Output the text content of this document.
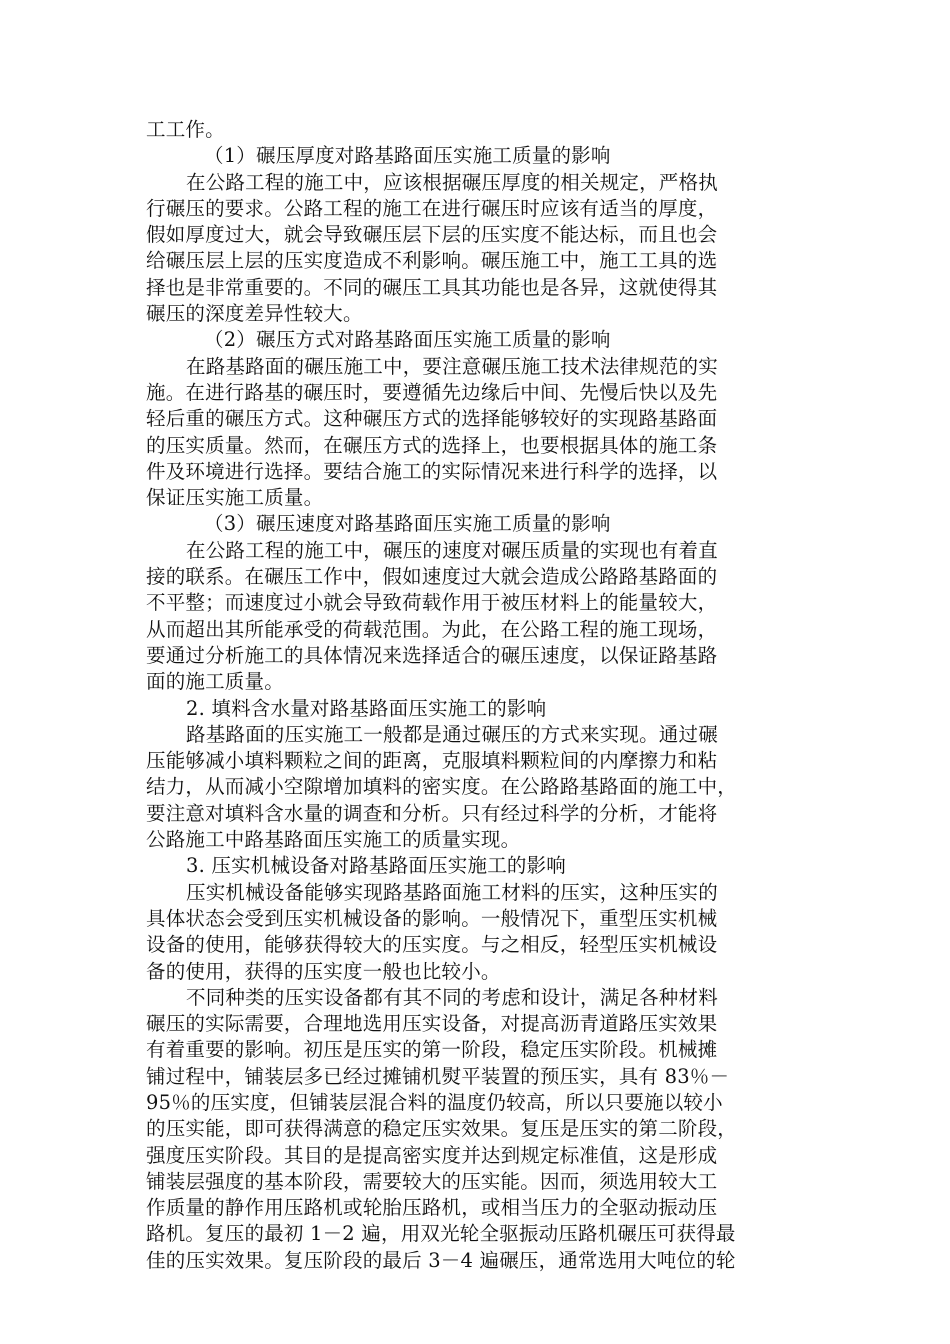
工工作。
（1）碾压厚度对路基路面压实施工质量的影响
在公路工程的施工中，应该根据碾压厚度的相关规定，严格执
行碾压的要求。公路工程的施工在进行碾压时应该有适当的厚度，
假如厚度过大，就会导致碾压层下层的压实度不能达标，而且也会
给碾压层上层的压实度造成不利影响。碾压施工中，施工工具的选
择也是非常重要的。不同的碾压工具其功能也是各异，这就使得其
碾压的深度差异性较大。
（2）碾压方式对路基路面压实施工质量的影响
在路基路面的碾压施工中，要注意碾压施工技术法律规范的实
施。在进行路基的碾压时，要遵循先边缘后中间、先慢后快以及先
轻后重的碾压方式。这种碾压方式的选择能够较好的实现路基路面
的压实质量。然而，在碾压方式的选择上，也要根据具体的施工条
件及环境进行选择。要结合施工的实际情况来进行科学的选择，以
保证压实施工质量。
（3）碾压速度对路基路面压实施工质量的影响
在公路工程的施工中，碾压的速度对碾压质量的实现也有着直
接的联系。在碾压工作中，假如速度过大就会造成公路路基路面的
不平整；而速度过小就会导致荷载作用于被压材料上的能量较大，
从而超出其所能承受的荷载范围。为此，在公路工程的施工现场，
要通过分析施工的具体情况来选择适合的碾压速度，以保证路基路
面的施工质量。
2. 填料含水量对路基路面压实施工的影响
路基路面的压实施工一般都是通过碾压的方式来实现。通过碾
压能够减小填料颗粒之间的距离，克服填料颗粒间的内摩擦力和粘
结力，从而减小空隙增加填料的密实度。在公路路基路面的施工中，
要注意对填料含水量的调查和分析。只有经过科学的分析，才能将
公路施工中路基路面压实施工的质量实现。
3. 压实机械设备对路基路面压实施工的影响
压实机械设备能够实现路基路面施工材料的压实，这种压实的
具体状态会受到压实机械设备的影响。一般情况下，重型压实机械
设备的使用，能够获得较大的压实度。与之相反，轻型压实机械设
备的使用，获得的压实度一般也比较小。
不同种类的压实设备都有其不同的考虑和设计，满足各种材料
碾压的实际需要，合理地选用压实设备，对提高沥青道路压实效果
有着重要的影响。初压是压实的第一阶段，稳定压实阶段。机械摊
铺过程中，铺装层多已经过摊铺机熨平装置的预压实，具有 83％－
95％的压实度，但铺装层混合料的温度仍较高，所以只要施以较小
的压实能，即可获得满意的稳定压实效果。复压是压实的第二阶段，
强度压实阶段。其目的是提高密实度并达到规定标准值，这是形成
铺装层强度的基本阶段，需要较大的压实能。因而，须选用较大工
作质量的静作用压路机或轮胎压路机，或相当压力的全驱动振动压
路机。复压的最初 1－2 遍，用双光轮全驱振动压路机碾压可获得最
佳的压实效果。复压阶段的最后 3－4 遍碾压，通常选用大吨位的轮
